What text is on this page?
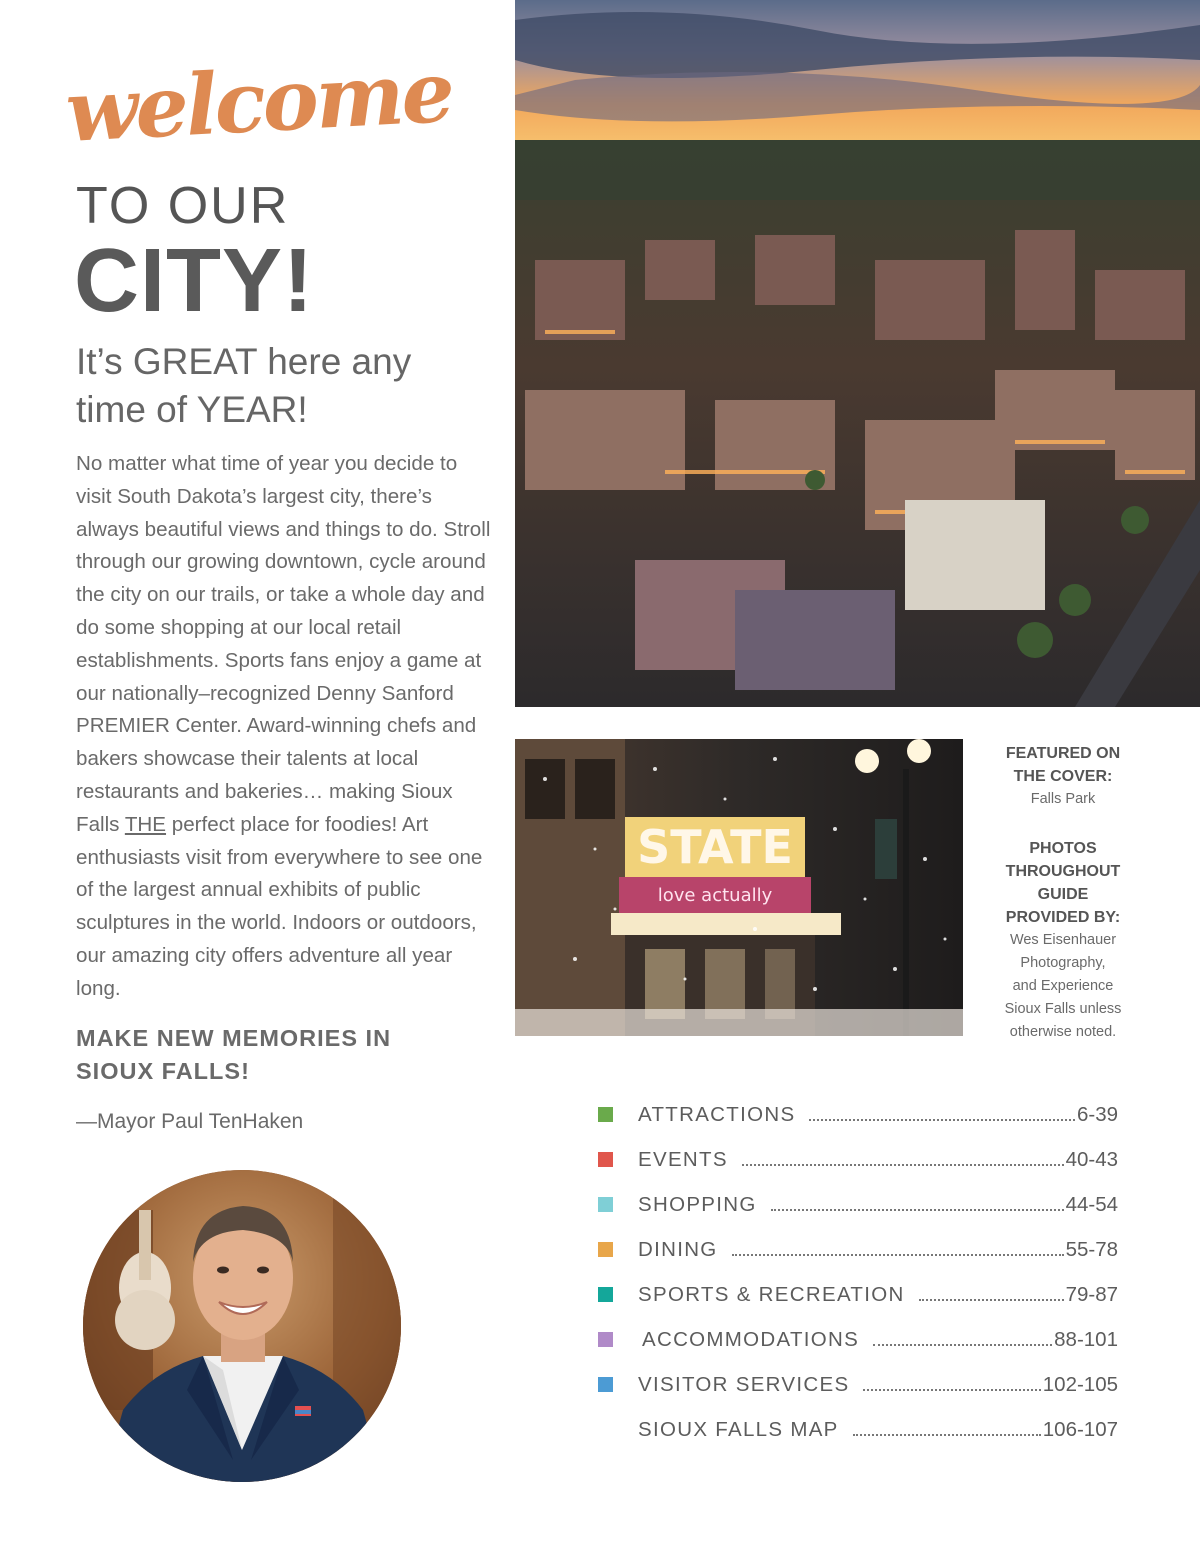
welcome
TO OUR
CITY!
It’s GREAT here any
time of YEAR!
No matter what time of year you decide to visit South Dakota’s largest city, there’s always beautiful views and things to do. Stroll through our growing downtown, cycle around the city on our trails, or take a whole day and do some shopping at our local retail establishments. Sports fans enjoy a game at our nationally–recognized Denny Sanford PREMIER Center. Award-winning chefs and bakers showcase their talents at local restaurants and bakeries… making Sioux Falls THE perfect place for foodies! Art enthusiasts visit from everywhere to see one of the largest annual exhibits of public sculptures in the world. Indoors or outdoors, our amazing city offers adventure all year long.
MAKE NEW MEMORIES IN SIOUX FALLS!
—Mayor Paul TenHaken
STATE
love actually
FEATURED ON
THE COVER:
Falls Park
PHOTOS
THROUGHOUT
GUIDE
PROVIDED BY:
Wes Eisenhauer
Photography,
and Experience
Sioux Falls unless
otherwise noted.
ATTRACTIONS	6-39
EVENTS	40-43
SHOPPING	44-54
DINING	55-78
SPORTS & RECREATION	79-87
ACCOMMODATIONS	88-101
VISITOR SERVICES	102-105
SIOUX FALLS MAP	106-107
